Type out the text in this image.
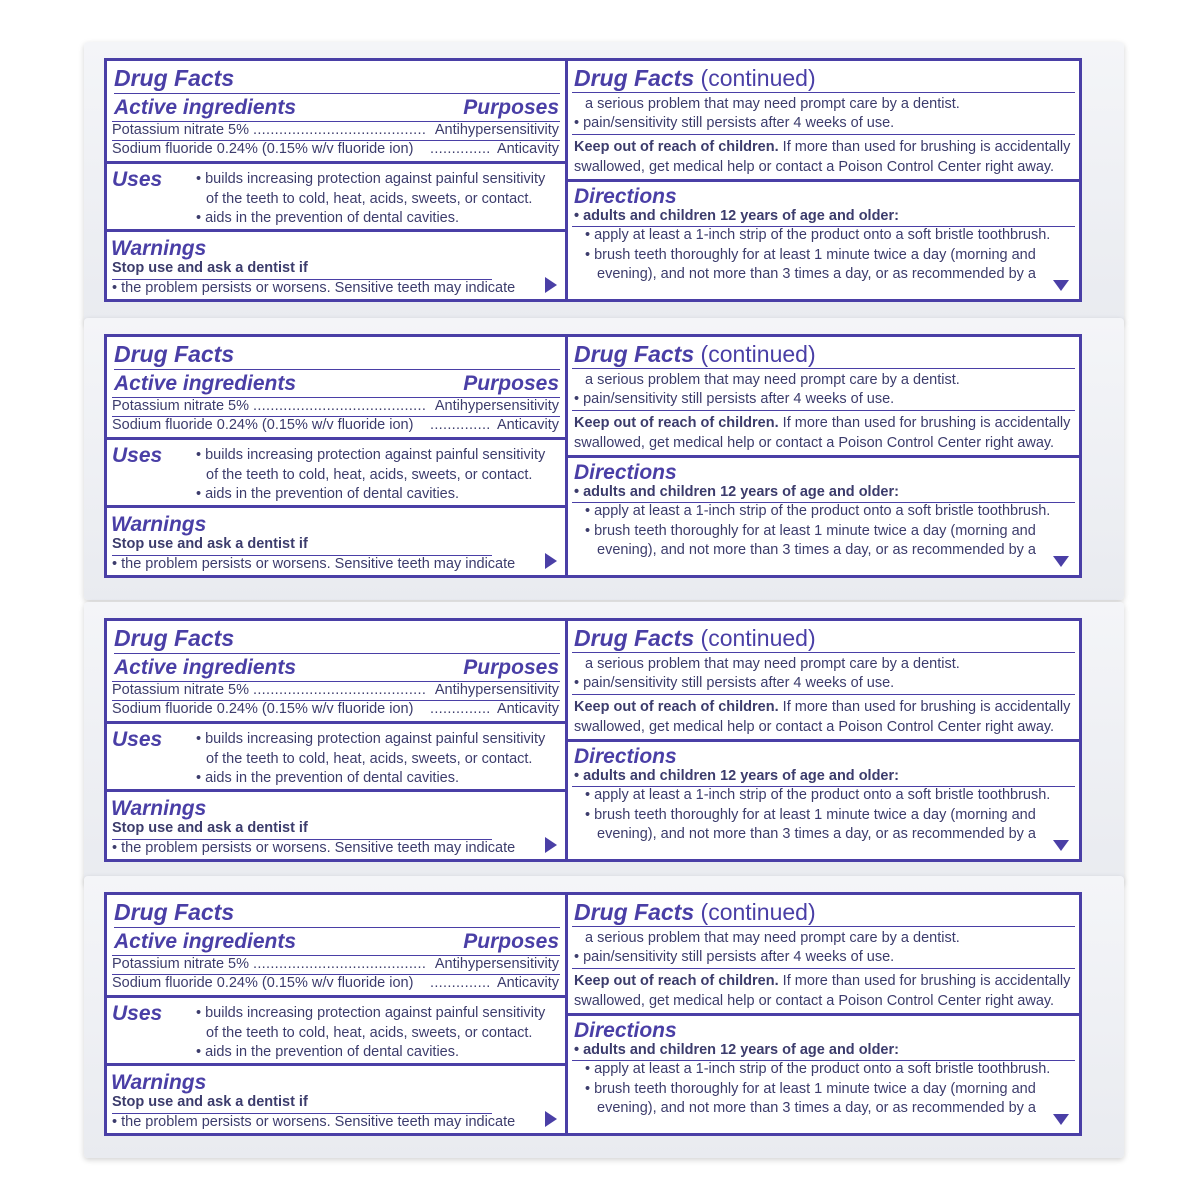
Drug Facts
Active ingredients	Purposes
Potassium nitrate 5% ........................................ Antihypersensitivity
Sodium fluoride 0.24% (0.15% w/v fluoride ion) .............. Anticavity
Uses • builds increasing protection against painful sensitivity
of the teeth to cold, heat, acids, sweets, or contact.
• aids in the prevention of dental cavities.
Warnings
Stop use and ask a dentist if
• the problem persists or worsens. Sensitive teeth may indicate
Drug Facts (continued)
a serious problem that may need prompt care by a dentist.
• pain/sensitivity still persists after 4 weeks of use.
Keep out of reach of children. If more than used for brushing is accidentally
swallowed, get medical help or contact a Poison Control Center right away.
Directions
• adults and children 12 years of age and older:
• apply at least a 1-inch strip of the product onto a soft bristle toothbrush.
• brush teeth thoroughly for at least 1 minute twice a day (morning and
evening), and not more than 3 times a day, or as recommended by a
Drug Facts
Active ingredients	Purposes
Potassium nitrate 5% ........................................ Antihypersensitivity
Sodium fluoride 0.24% (0.15% w/v fluoride ion) .............. Anticavity
Uses • builds increasing protection against painful sensitivity
of the teeth to cold, heat, acids, sweets, or contact.
• aids in the prevention of dental cavities.
Warnings
Stop use and ask a dentist if
• the problem persists or worsens. Sensitive teeth may indicate
Drug Facts (continued)
a serious problem that may need prompt care by a dentist.
• pain/sensitivity still persists after 4 weeks of use.
Keep out of reach of children. If more than used for brushing is accidentally
swallowed, get medical help or contact a Poison Control Center right away.
Directions
• adults and children 12 years of age and older:
• apply at least a 1-inch strip of the product onto a soft bristle toothbrush.
• brush teeth thoroughly for at least 1 minute twice a day (morning and
evening), and not more than 3 times a day, or as recommended by a
Drug Facts
Active ingredients	Purposes
Potassium nitrate 5% ........................................ Antihypersensitivity
Sodium fluoride 0.24% (0.15% w/v fluoride ion) .............. Anticavity
Uses • builds increasing protection against painful sensitivity
of the teeth to cold, heat, acids, sweets, or contact.
• aids in the prevention of dental cavities.
Warnings
Stop use and ask a dentist if
• the problem persists or worsens. Sensitive teeth may indicate
Drug Facts (continued)
a serious problem that may need prompt care by a dentist.
• pain/sensitivity still persists after 4 weeks of use.
Keep out of reach of children. If more than used for brushing is accidentally
swallowed, get medical help or contact a Poison Control Center right away.
Directions
• adults and children 12 years of age and older:
• apply at least a 1-inch strip of the product onto a soft bristle toothbrush.
• brush teeth thoroughly for at least 1 minute twice a day (morning and
evening), and not more than 3 times a day, or as recommended by a
Drug Facts
Active ingredients	Purposes
Potassium nitrate 5% ........................................ Antihypersensitivity
Sodium fluoride 0.24% (0.15% w/v fluoride ion) .............. Anticavity
Uses • builds increasing protection against painful sensitivity
of the teeth to cold, heat, acids, sweets, or contact.
• aids in the prevention of dental cavities.
Warnings
Stop use and ask a dentist if
• the problem persists or worsens. Sensitive teeth may indicate
Drug Facts (continued)
a serious problem that may need prompt care by a dentist.
• pain/sensitivity still persists after 4 weeks of use.
Keep out of reach of children. If more than used for brushing is accidentally
swallowed, get medical help or contact a Poison Control Center right away.
Directions
• adults and children 12 years of age and older:
• apply at least a 1-inch strip of the product onto a soft bristle toothbrush.
• brush teeth thoroughly for at least 1 minute twice a day (morning and
evening), and not more than 3 times a day, or as recommended by a
